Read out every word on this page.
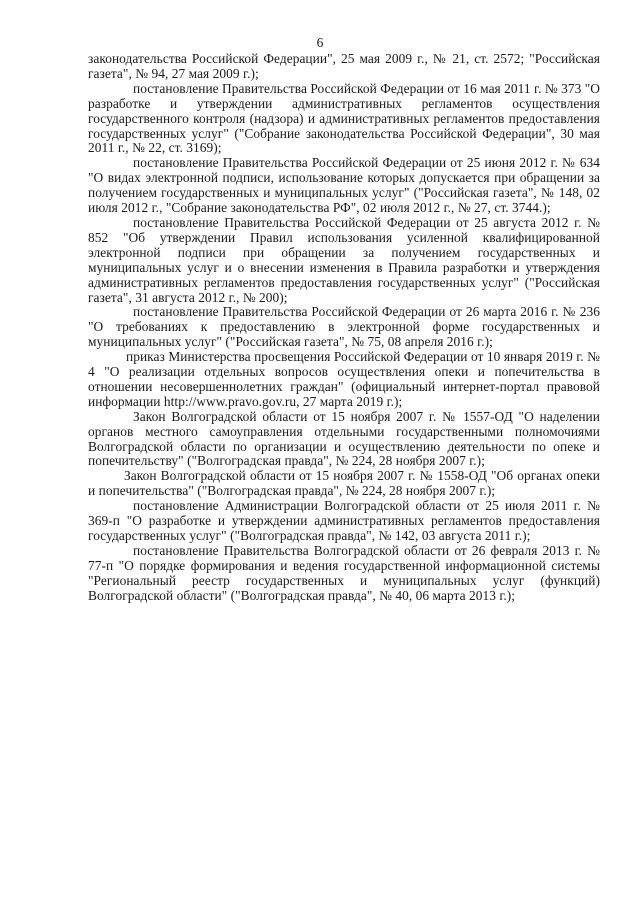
6

законодательства Российской Федерации", 25 мая 2009 г., № 21, ст. 2572; "Российская газета", № 94, 27 мая 2009 г.);

постановление Правительства Российской Федерации от 16 мая 2011 г. № 373 "О разработке и утверждении административных регламентов осуществления государственного контроля (надзора) и административных регламентов предоставления государственных услуг" ("Собрание законодательства Российской Федерации", 30 мая 2011 г., № 22, ст. 3169);

постановление Правительства Российской Федерации от 25 июня 2012 г. № 634 "О видах электронной подписи, использование которых допускается при обращении за получением государственных и муниципальных услуг" ("Российская газета", № 148, 02 июля 2012 г., "Собрание законодательства РФ", 02 июля 2012 г., № 27, ст. 3744.);

постановление Правительства Российской Федерации от 25 августа 2012 г. № 852 "Об утверждении Правил использования усиленной квалифицированной электронной подписи при обращении за получением государственных и муниципальных услуг и о внесении изменения в Правила разработки и утверждения административных регламентов предоставления государственных услуг" ("Российская газета", 31 августа 2012 г., № 200);

постановление Правительства Российской Федерации от 26 марта 2016 г. № 236 "О требованиях к предоставлению в электронной форме государственных и муниципальных услуг" ("Российская газета", № 75, 08 апреля 2016 г.);

приказ Министерства просвещения Российской Федерации от 10 января 2019 г. № 4 "О реализации отдельных вопросов осуществления опеки и попечительства в отношении несовершеннолетних граждан" (официальный интернет-портал правовой информации http://www.pravo.gov.ru, 27 марта 2019 г.);

Закон Волгоградской области от 15 ноября 2007 г. № 1557-ОД "О наделении органов местного самоуправления отдельными государственными полномочиями Волгоградской области по организации и осуществлению деятельности по опеке и попечительству" ("Волгоградская правда", № 224, 28 ноября 2007 г.);

Закон Волгоградской области от 15 ноября 2007 г. № 1558-ОД "Об органах опеки и попечительства" ("Волгоградская правда", № 224, 28 ноября 2007 г.);

постановление Администрации Волгоградской области от 25 июля 2011 г. № 369-п "О разработке и утверждении административных регламентов предоставления государственных услуг" ("Волгоградская правда", № 142, 03 августа 2011 г.);

постановление Правительства Волгоградской области от 26 февраля 2013 г. № 77-п "О порядке формирования и ведения государственной информационной системы "Региональный реестр государственных и муниципальных услуг (функций) Волгоградской области" ("Волгоградская правда", № 40, 06 марта 2013 г.);
